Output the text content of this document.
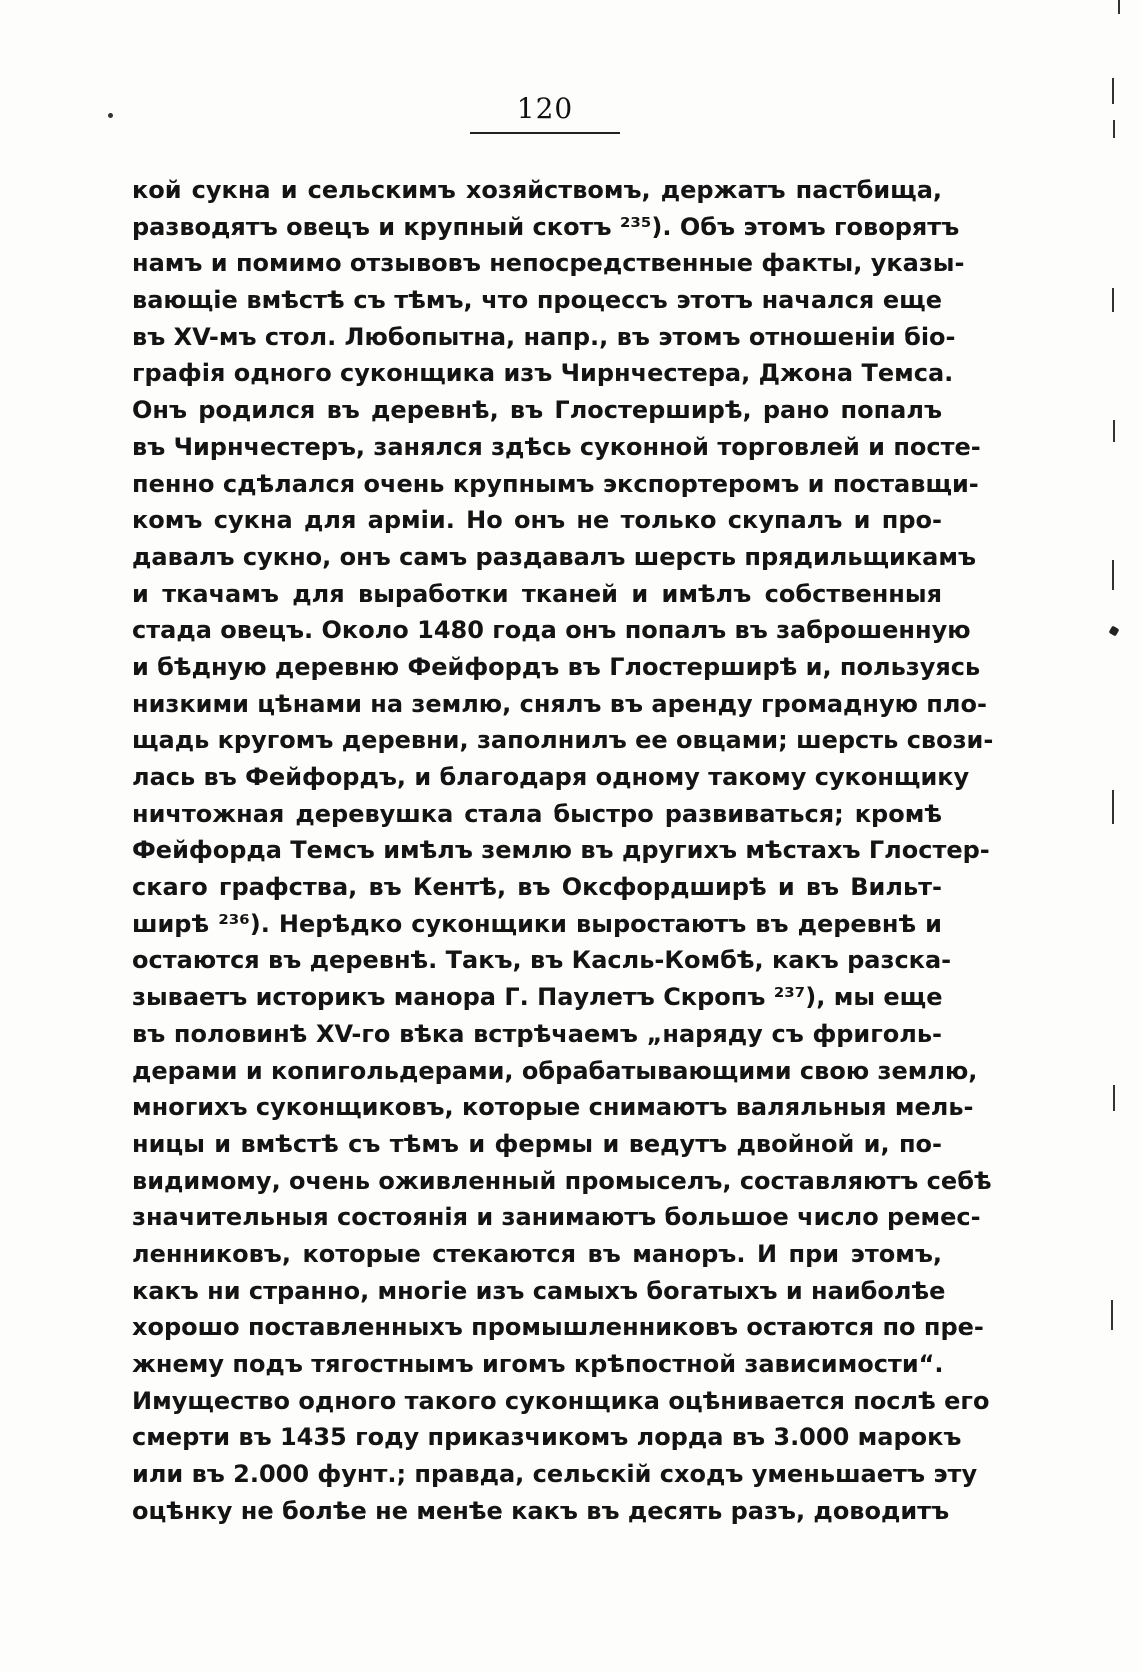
120
кой сукна и сельскимъ хозяйствомъ, держатъ пастбища,
разводятъ овецъ и крупный скотъ ²³⁵). Объ этомъ говорятъ
намъ и помимо отзывовъ непосредственные факты, указы-
вающіе вмѣстѣ съ тѣмъ, что процессъ этотъ начался еще
въ XV-мъ стол. Любопытна, напр., въ этомъ отношеніи біо-
графія одного суконщика изъ Чирнчестера, Джона Темса.
Онъ родился въ деревнѣ, въ Глостерширѣ, рано попалъ
въ Чирнчестеръ, занялся здѣсь суконной торговлей и посте-
пенно сдѣлался очень крупнымъ экспортеромъ и поставщи-
комъ сукна для арміи. Но онъ не только скупалъ и про-
давалъ сукно, онъ самъ раздавалъ шерсть прядильщикамъ
и ткачамъ для выработки тканей и имѣлъ собственныя
стада овецъ. Около 1480 года онъ попалъ въ заброшенную
и бѣдную деревню Фейфордъ въ Глостерширѣ и, пользуясь
низкими цѣнами на землю, снялъ въ аренду громадную пло-
щадь кругомъ деревни, заполнилъ ее овцами; шерсть свози-
лась въ Фейфордъ, и благодаря одному такому суконщику
ничтожная деревушка стала быстро развиваться; кромѣ
Фейфорда Темсъ имѣлъ землю въ другихъ мѣстахъ Глостер-
скаго графства, въ Кентѣ, въ Оксфордширѣ и въ Вильт-
ширѣ ²³⁶). Нерѣдко суконщики выростаютъ въ деревнѣ и
остаются въ деревнѣ. Такъ, въ Касль-Комбѣ, какъ разска-
зываетъ историкъ манора Г. Паулетъ Скропъ ²³⁷), мы еще
въ половинѣ XV-го вѣка встрѣчаемъ „наряду съ фриголь-
дерами и копигольдерами, обрабатывающими свою землю,
многихъ суконщиковъ, которые снимаютъ валяльныя мель-
ницы и вмѣстѣ съ тѣмъ и фермы и ведутъ двойной и, по-
видимому, очень оживленный промыселъ, составляютъ себѣ
значительныя состоянія и занимаютъ большое число ремес-
ленниковъ, которые стекаются въ маноръ. И при этомъ,
какъ ни странно, многіе изъ самыхъ богатыхъ и наиболѣе
хорошо поставленныхъ промышленниковъ остаются по пре-
жнему подъ тягостнымъ игомъ крѣпостной зависимости“.
Имущество одного такого суконщика оцѣнивается послѣ его
смерти въ 1435 году приказчикомъ лорда въ 3.000 марокъ
или въ 2.000 фунт.; правда, сельскій сходъ уменьшаетъ эту
оцѣнку не болѣе не менѣе какъ въ десять разъ, доводитъ
